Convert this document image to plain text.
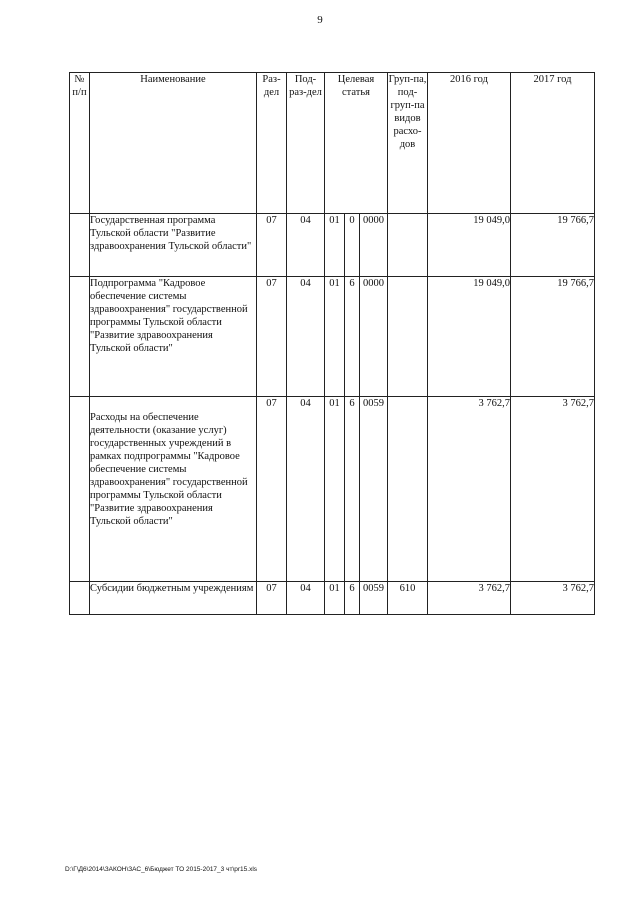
9
№ п/п	Наименование	Раз-дел	Под-раз-дел	Целевая статья			Груп-па, под-груп-па видов расхо-дов	2016 год	2017 год
	Государственная программа Тульской области "Развитие здравоохранения Тульской области"	07	04	01	0	0000		19 049,0	19 766,7
	Подпрограмма "Кадровое обеспечение системы здравоохранения" государственной программы Тульской области "Развитие здравоохранения Тульской области"	07	04	01	6	0000		19 049,0	19 766,7
	Расходы на обеспечение деятельности (оказание услуг) государственных учреждений в рамках подпрограммы "Кадровое обеспечение системы здравоохранения" государственной программы Тульской области "Развитие здравоохранения Тульской области"	07	04	01	6	0059		3 762,7	3 762,7
	Субсидии бюджетным учреждениям	07	04	01	6	0059	610	3 762,7	3 762,7
D:\Г\Д6\2014\ЗАКОН\ЗАС_6\Бюджет ТО 2015-2017_3 чт\pr15.xls
